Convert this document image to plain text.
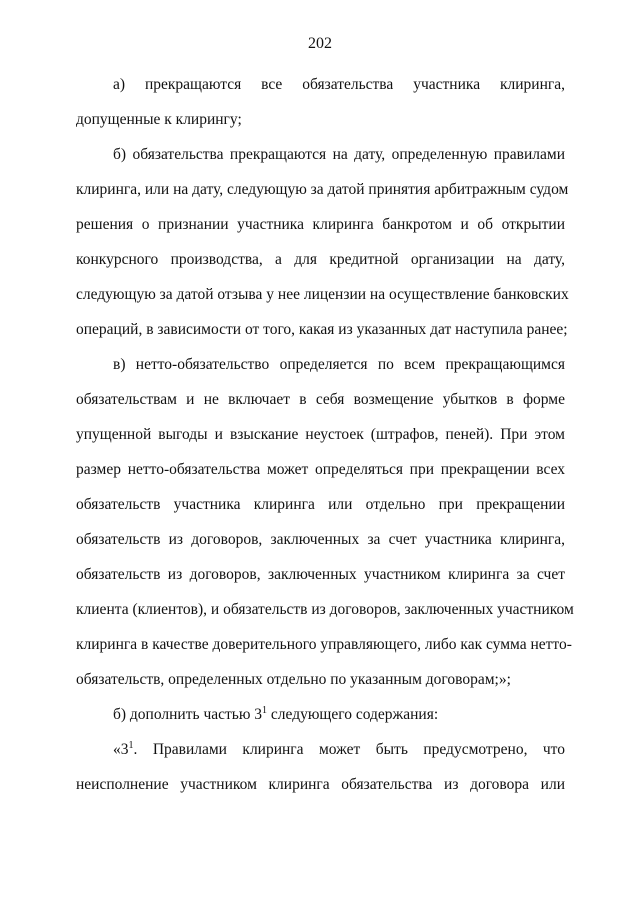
202
а) прекращаются все обязательства участника клиринга,
допущенные к клирингу;
б) обязательства прекращаются на дату, определенную правилами
клиринга, или на дату, следующую за датой принятия арбитражным судом
решения о признании участника клиринга банкротом и об открытии
конкурсного производства, а для кредитной организации на дату,
следующую за датой отзыва у нее лицензии на осуществление банковских
операций, в зависимости от того, какая из указанных дат наступила ранее;
в) нетто-обязательство определяется по всем прекращающимся
обязательствам и не включает в себя возмещение убытков в форме
упущенной выгоды и взыскание неустоек (штрафов, пеней). При этом
размер нетто-обязательства может определяться при прекращении всех
обязательств участника клиринга или отдельно при прекращении
обязательств из договоров, заключенных за счет участника клиринга,
обязательств из договоров, заключенных участником клиринга за счет
клиента (клиентов), и обязательств из договоров, заключенных участником
клиринга в качестве доверительного управляющего, либо как сумма нетто-
обязательств, определенных отдельно по указанным договорам;»;
б) дополнить частью $3^1$ следующего содержания:
«$3^1$. Правилами клиринга может быть предусмотрено, что
неисполнение участником клиринга обязательства из договора или
